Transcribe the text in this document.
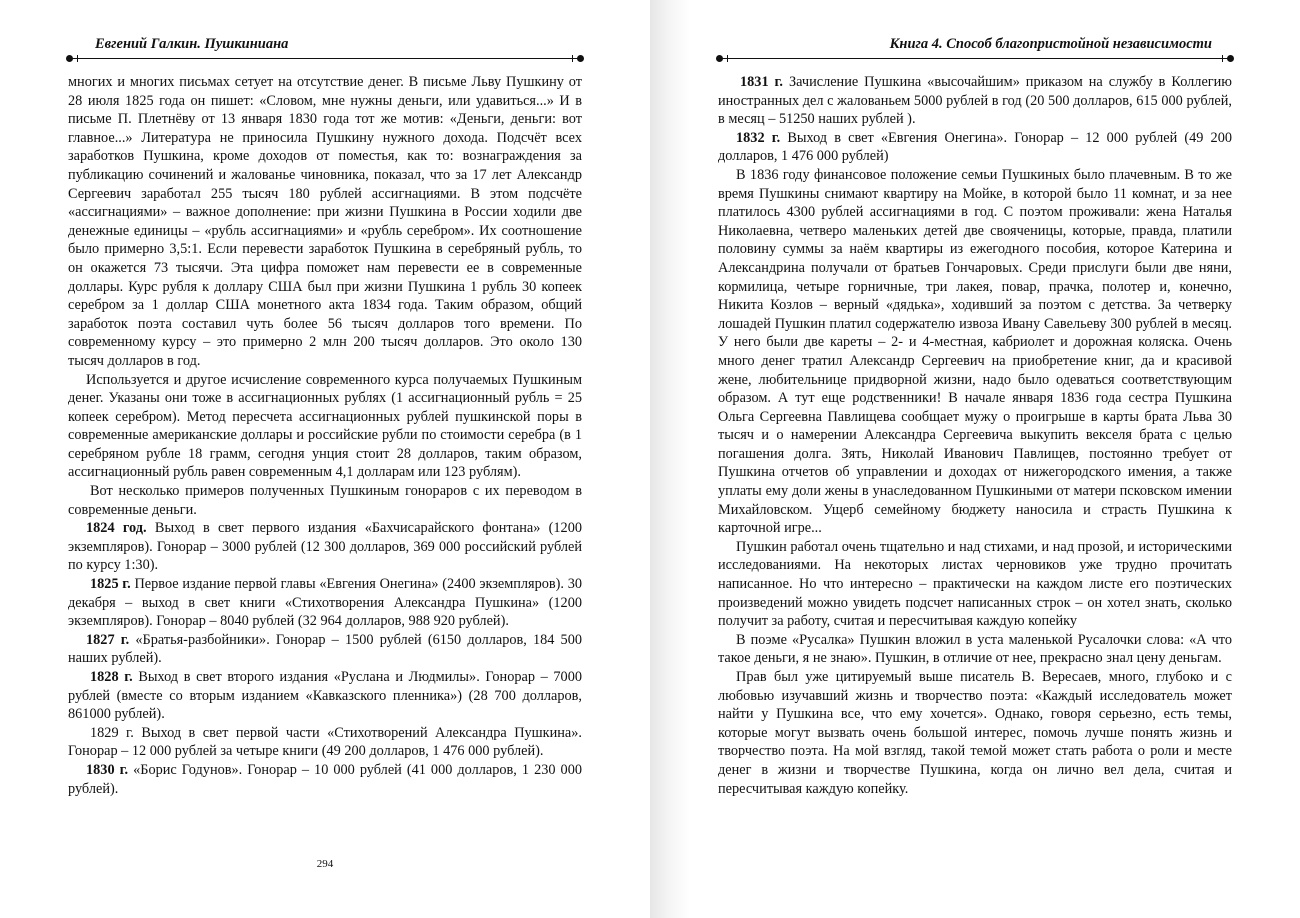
Евгений Галкин. Пушкиниана

многих и многих письмах сетует на отсутствие денег. В письме Льву Пушкину от 28 июля 1825 года он пишет: «Словом, мне нужны деньги, или удавиться...» И в письме П. Плетнёву от 13 января 1830 года тот же мотив: «Деньги, деньги: вот главное...» Литература не приносила Пушкину нужного дохода. Подсчёт всех заработков Пушкина, кроме доходов от поместья, как то: вознаграждения за публикацию сочинений и жалованье чиновника, показал, что за 17 лет Александр Сергеевич заработал 255 тысяч 180 рублей ассигнациями. В этом подсчёте «ассигнациями» – важное дополнение: при жизни Пушкина в России ходили две денежные единицы – «рубль ассигнациями» и «рубль серебром». Их соотношение было примерно 3,5:1. Если перевести заработок Пушкина в серебряный рубль, то он окажется 73 тысячи. Эта цифра поможет нам перевести ее в современные доллары. Курс рубля к доллару США был при жизни Пушкина 1 рубль 30 копеек серебром за 1 доллар США монетного акта 1834 года. Таким образом, общий заработок поэта составил чуть более 56 тысяч долларов того времени. По современному курсу – это примерно 2 млн 200 тысяч долларов. Это около 130 тысяч долларов в год.

Используется и другое исчисление современного курса получаемых Пушкиным денег. Указаны они тоже в ассигнационных рублях (1 ассигнационный рубль = 25 копеек серебром). Метод пересчета ассигнационных рублей пушкинской поры в современные американские доллары и российские рубли по стоимости серебра (в 1 серебряном рубле 18 грамм, сегодня унция стоит 28 долларов, таким образом, ассигнационный рубль равен современным 4,1 долларам или 123 рублям).

Вот несколько примеров полученных Пушкиным гонораров с их переводом в современные деньги.

1824 год. Выход в свет первого издания «Бахчисарайского фонтана» (1200 экземпляров). Гонорар – 3000 рублей (12 300 долларов, 369 000 российский рублей по курсу 1:30).

1825 г. Первое издание первой главы «Евгения Онегина» (2400 экземпляров). 30 декабря – выход в свет книги «Стихотворения Александра Пушкина» (1200 экземпляров). Гонорар – 8040 рублей (32 964 долларов, 988 920 рублей).

1827 г. «Братья-разбойники». Гонорар – 1500 рублей (6150 долларов, 184 500 наших рублей).

1828 г. Выход в свет второго издания «Руслана и Людмилы». Гонорар – 7000 рублей (вместе со вторым изданием «Кавказского пленника») (28 700 долларов, 861000 рублей).

1829 г. Выход в свет первой части «Стихотворений Александра Пушкина». Гонорар – 12 000 рублей за четыре книги (49 200 долларов, 1 476 000 рублей).

1830 г. «Борис Годунов». Гонорар – 10 000 рублей (41 000 долларов, 1 230 000 рублей).

294
Книга 4. Способ благопристойной независимости

1831 г. Зачисление Пушкина «высочайшим» приказом на службу в Коллегию иностранных дел с жалованьем 5000 рублей в год (20 500 долларов, 615 000 рублей, в месяц – 51250 наших рублей ).

1832 г. Выход в свет «Евгения Онегина». Гонорар – 12 000 рублей (49 200 долларов, 1 476 000 рублей)

В 1836 году финансовое положение семьи Пушкиных было плачевным. В то же время Пушкины снимают квартиру на Мойке, в которой было 11 комнат, и за нее платилось 4300 рублей ассигнациями в год. С поэтом проживали: жена Наталья Николаевна, четверо маленьких детей две свояченицы, которые, правда, платили половину суммы за наём квартиры из ежегодного пособия, которое Катерина и Александрина получали от братьев Гончаровых. Среди прислуги были две няни, кормилица, четыре горничные, три лакея, повар, прачка, полотер и, конечно, Никита Козлов – верный «дядька», ходивший за поэтом с детства. За четверку лошадей Пушкин платил содержателю извоза Ивану Савельеву 300 рублей в месяц. У него были две кареты – 2- и 4-местная, кабриолет и дорожная коляска. Очень много денег тратил Александр Сергеевич на приобретение книг, да и красивой жене, любительнице придворной жизни, надо было одеваться соответствующим образом. А тут еще родственники! В начале января 1836 года сестра Пушкина Ольга Сергеевна Павлищева сообщает мужу о проигрыше в карты брата Льва 30 тысяч и о намерении Александра Сергеевича выкупить векселя брата с целью погашения долга. Зять, Николай Иванович Павлищев, постоянно требует от Пушкина отчетов об управлении и доходах от нижегородского имения, а также уплаты ему доли жены в унаследованном Пушкиными от матери псковском имении Михайловском. Ущерб семейному бюджету наносила и страсть Пушкина к карточной игре...

Пушкин работал очень тщательно и над стихами, и над прозой, и историческими исследованиями. На некоторых листах черновиков уже трудно прочитать написанное. Но что интересно – практически на каждом листе его поэтических произведений можно увидеть подсчет написанных строк – он хотел знать, сколько получит за работу, считая и пересчитывая каждую копейку

В поэме «Русалка» Пушкин вложил в уста маленькой Русалочки слова: «А что такое деньги, я не знаю». Пушкин, в отличие от нее, прекрасно знал цену деньгам.

Прав был уже цитируемый выше писатель В. Вересаев, много, глубоко и с любовью изучавший жизнь и творчество поэта: «Каждый исследователь может найти у Пушкина все, что ему хочется». Однако, говоря серьезно, есть темы, которые могут вызвать очень большой интерес, помочь лучше понять жизнь и творчество поэта. На мой взгляд, такой темой может стать работа о роли и месте денег в жизни и творчестве Пушкина, когда он лично вел дела, считая и пересчитывая каждую копейку.
